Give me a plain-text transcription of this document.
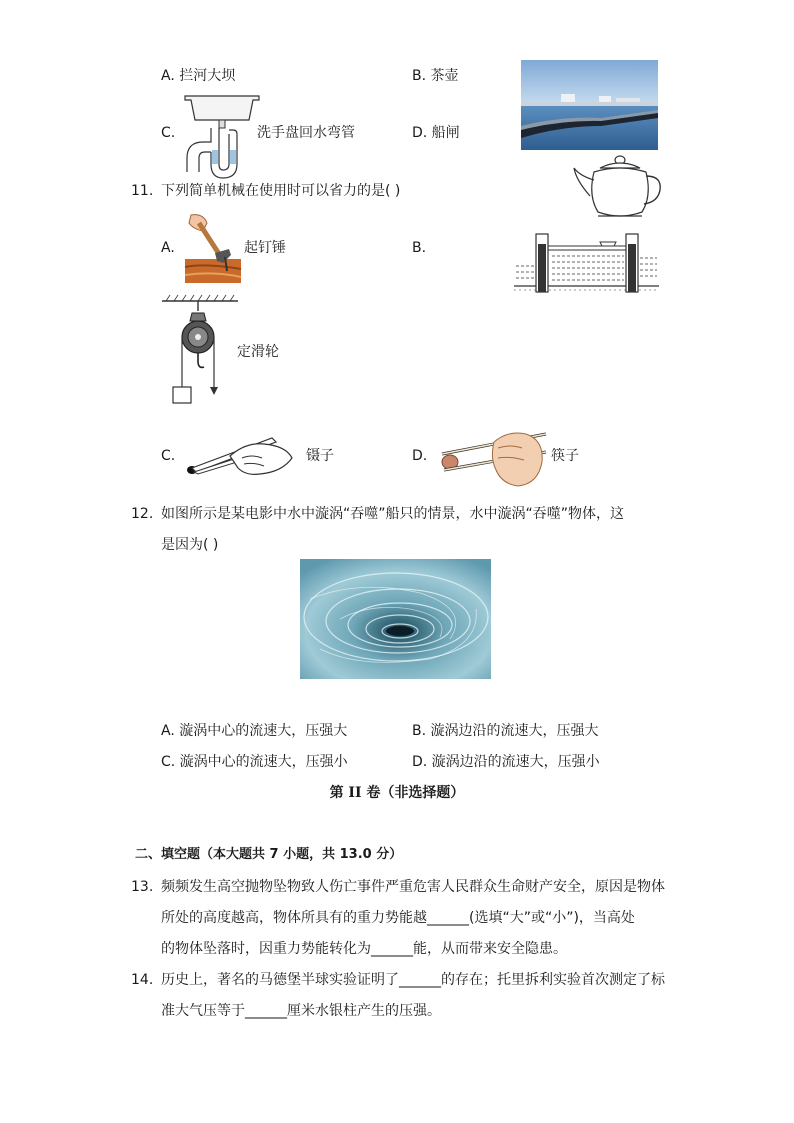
A. 拦河大坝	B. 茶壶
C.	洗手盘回水弯管	D. 船闸
11. 下列简单机械在使用时可以省力的是( )
A.	起钉锤	B.
定滑轮
C.	镊子	D.	筷子
12. 如图所示是某电影中水中漩涡“吞噬”船只的情景，水中漩涡“吞噬”物体，这
是因为( )
A. 漩涡中心的流速大，压强大	B. 漩涡边沿的流速大，压强大
C. 漩涡中心的流速大，压强小	D. 漩涡边沿的流速大，压强小
第 II 卷（非选择题）
二、填空题（本大题共 7 小题，共 13.0 分）
13. 频频发生高空抛物坠物致人伤亡事件严重危害人民群众生命财产安全，原因是物体
所处的高度越高，物体所具有的重力势能越______(选填“大”或“小”)，当高处
的物体坠落时，因重力势能转化为______能，从而带来安全隐患。
14. 历史上，著名的马德堡半球实验证明了______的存在；托里拆利实验首次测定了标
准大气压等于______厘米水银柱产生的压强。
